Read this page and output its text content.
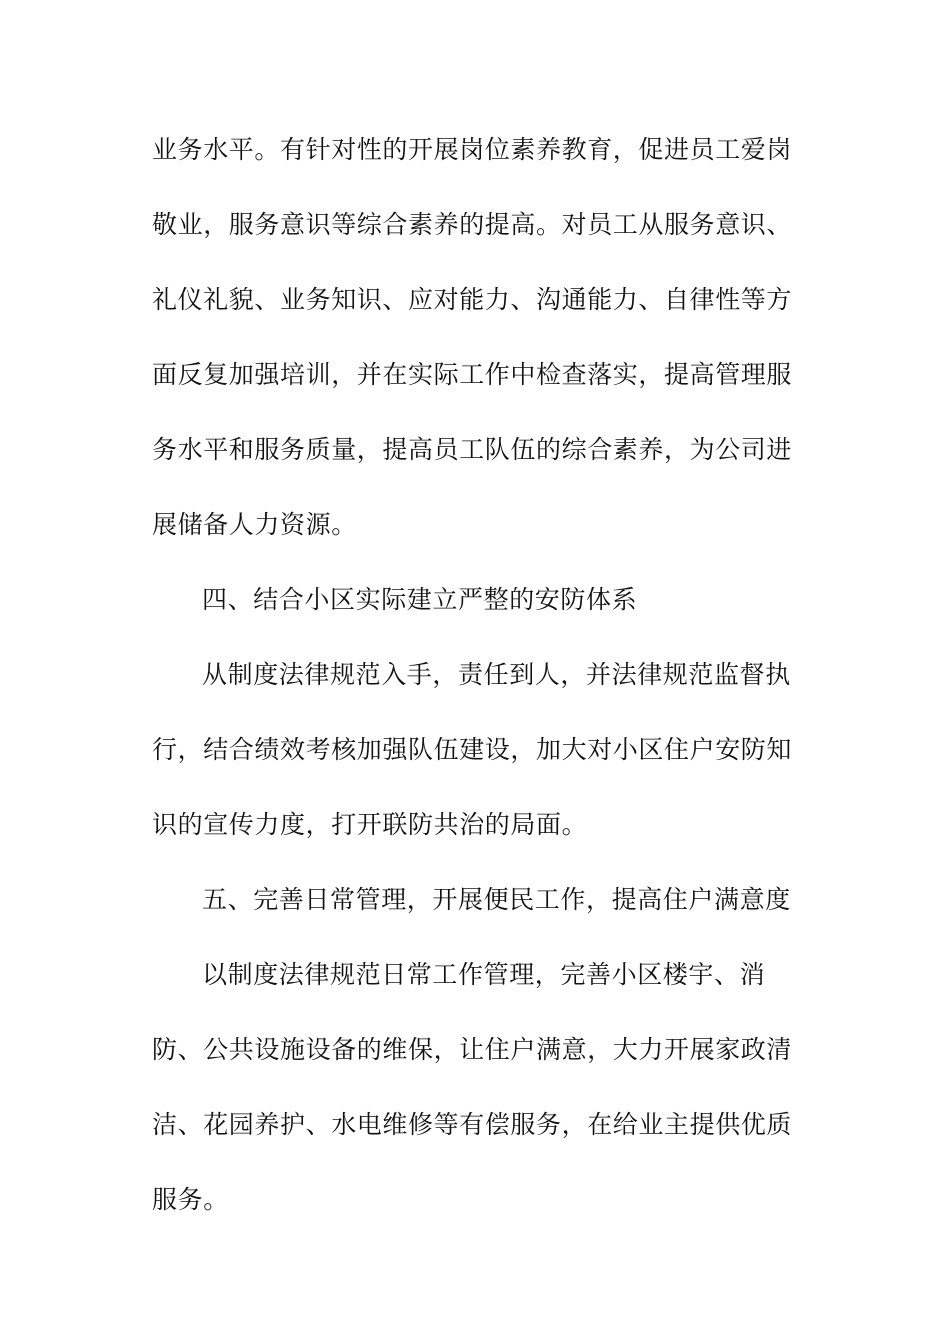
业务水平。有针对性的开展岗位素养教育，促进员工爱岗
敬业，服务意识等综合素养的提高。对员工从服务意识、
礼仪礼貌、业务知识、应对能力、沟通能力、自律性等方
面反复加强培训，并在实际工作中检查落实，提高管理服
务水平和服务质量，提高员工队伍的综合素养，为公司进
展储备人力资源。
四、结合小区实际建立严整的安防体系
从制度法律规范入手，责任到人，并法律规范监督执
行，结合绩效考核加强队伍建设，加大对小区住户安防知
识的宣传力度，打开联防共治的局面。
五、完善日常管理，开展便民工作，提高住户满意度
以制度法律规范日常工作管理，完善小区楼宇、消
防、公共设施设备的维保，让住户满意，大力开展家政清
洁、花园养护、水电维修等有偿服务，在给业主提供优质
服务。
